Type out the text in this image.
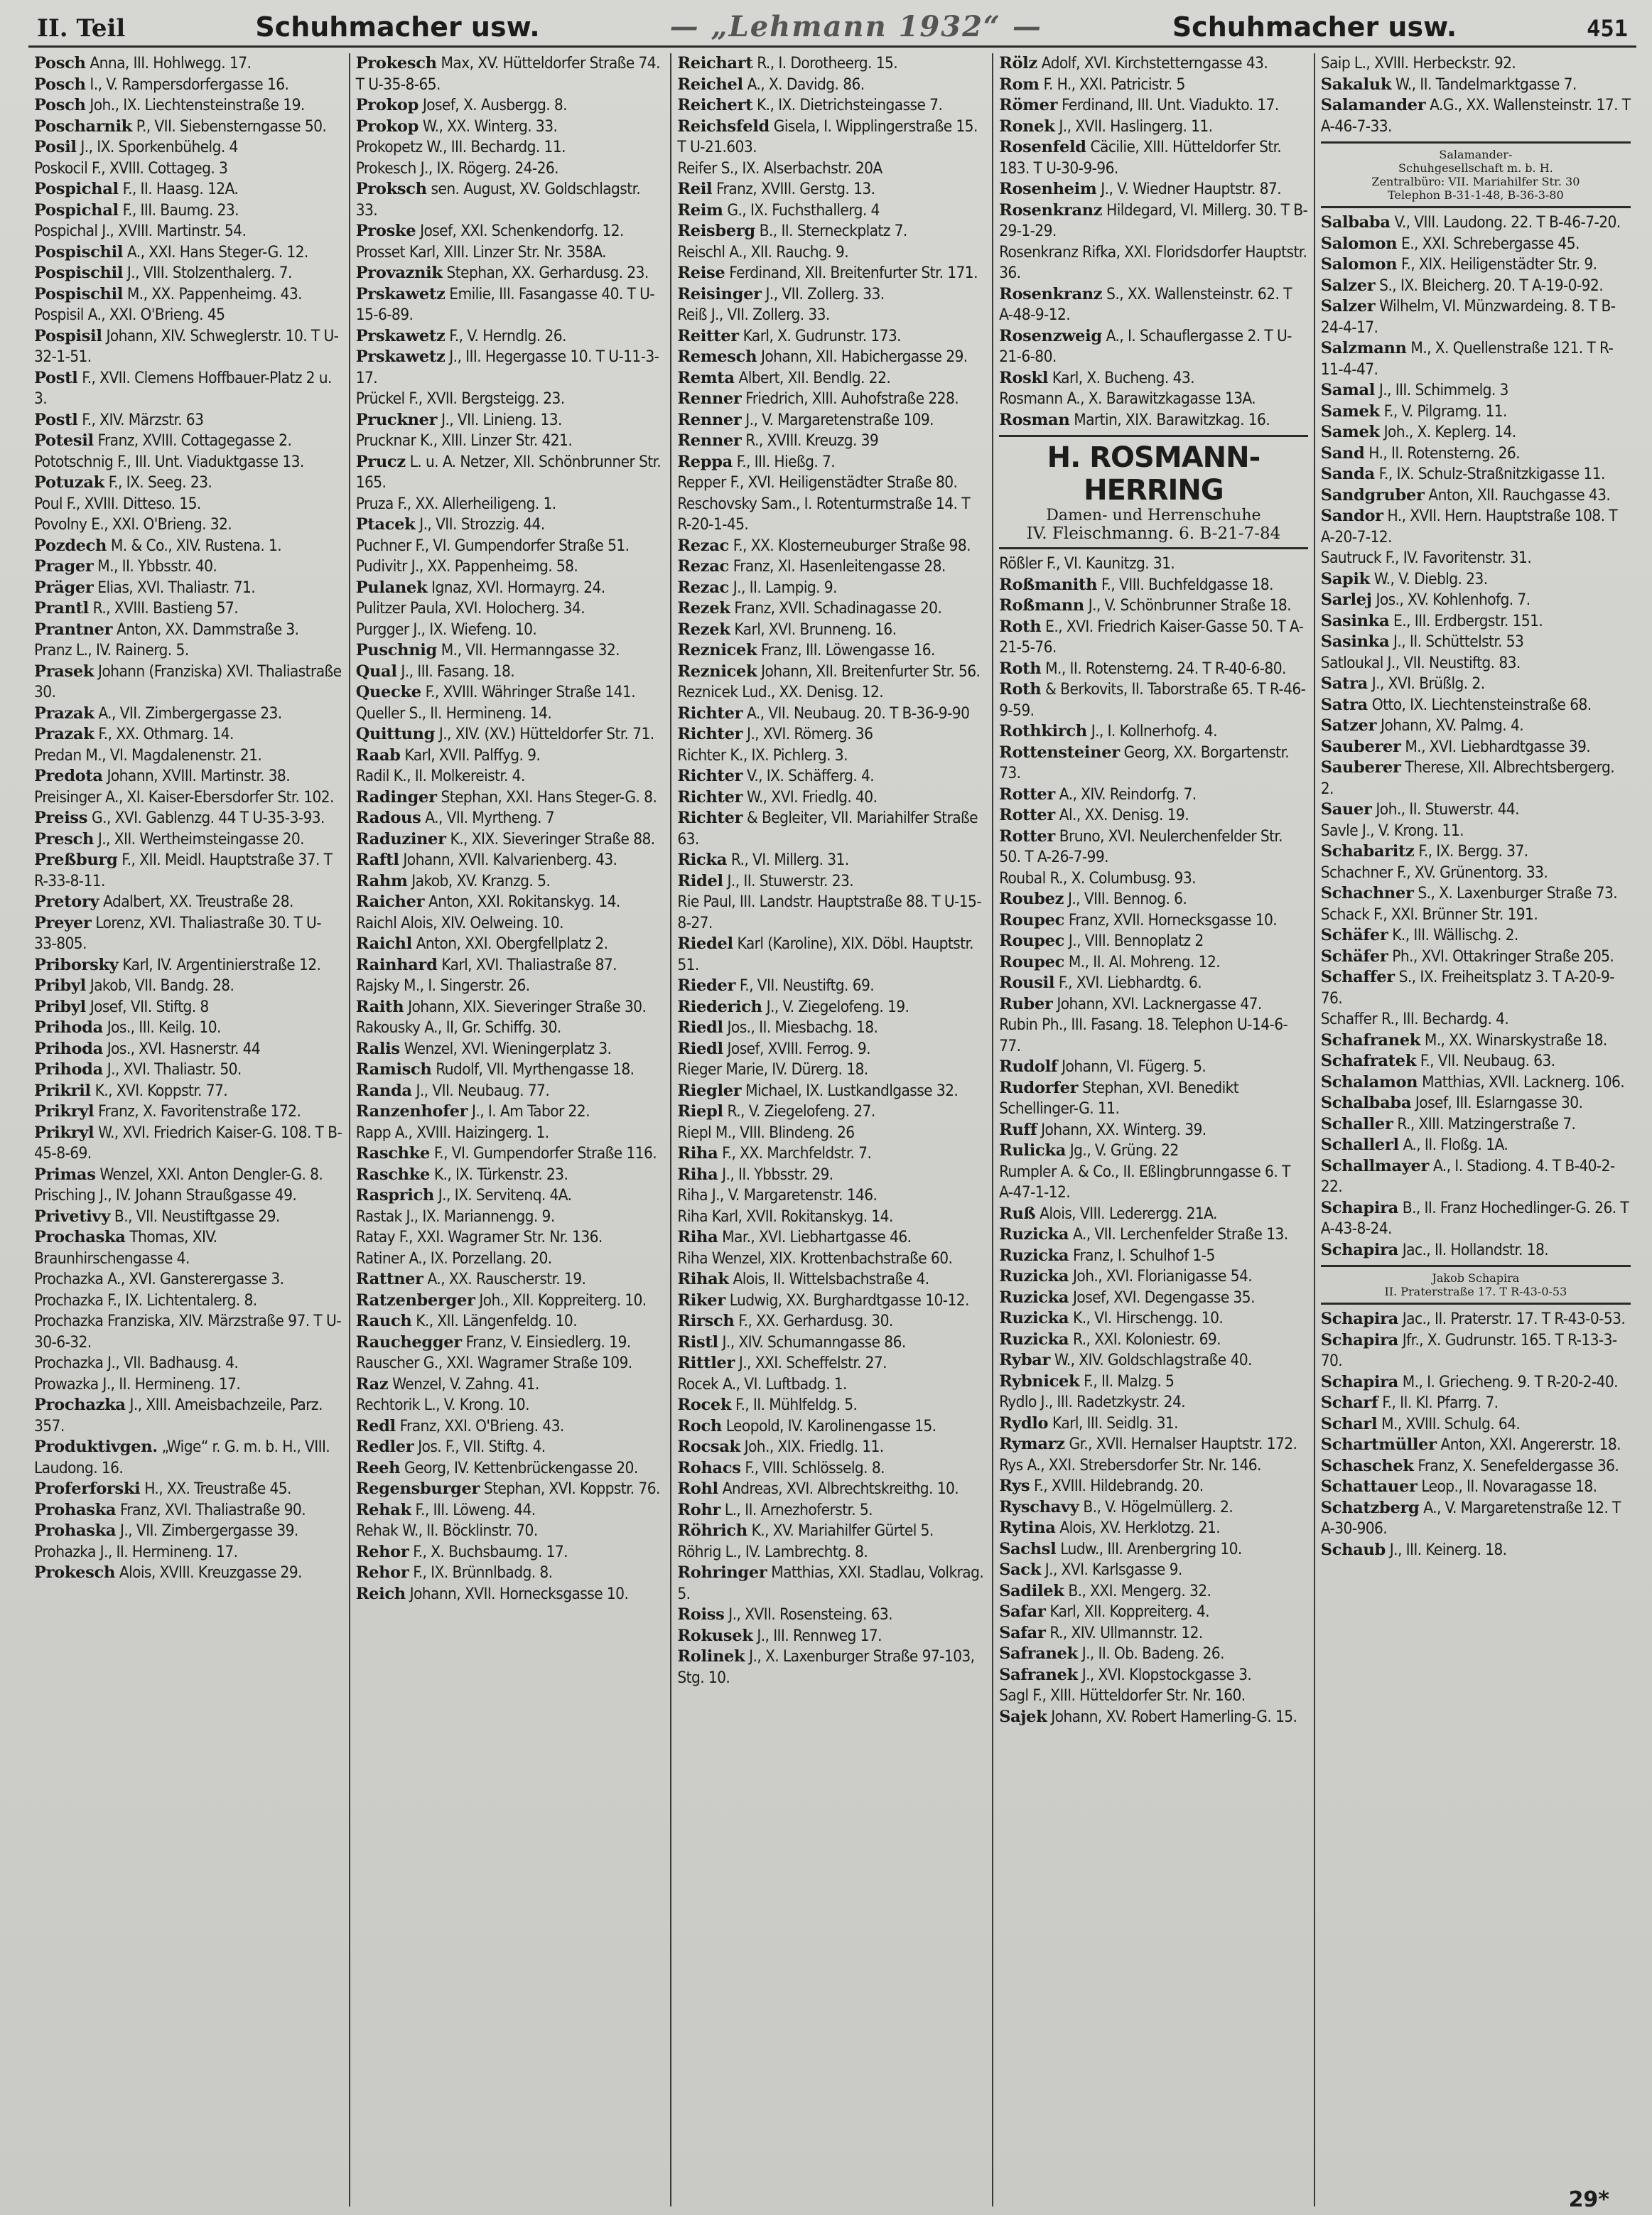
II. Teil	Schuhmacher usw.	— „Lehmann 1932“ —	Schuhmacher usw.	451
Posch Anna, III. Hohlwegg. 17.
Posch I., V. Rampersdorfergasse 16.
Posch Joh., IX. Liechtensteinstraße 19.
Poscharnik P., VII. Siebensterngasse 50.
Posil J., IX. Sporkenbühelg. 4
Poskocil F., XVIII. Cottageg. 3
Pospichal F., II. Haasg. 12A.
Pospichal F., III. Baumg. 23.
Pospichal J., XVIII. Martinstr. 54.
Pospischil A., XXI. Hans Steger-G. 12.
Pospischil J., VIII. Stolzenthalerg. 7.
Pospischil M., XX. Pappenheimg. 43.
Pospisil A., XXI. O'Brieng. 45
Pospisil Johann, XIV. Schweglerstr. 10. T U-32-1-51.
Postl F., XVII. Clemens Hoffbauer-Platz 2 u. 3.
Postl F., XIV. Märzstr. 63
Potesil Franz, XVIII. Cottagegasse 2.
Pototschnig F., III. Unt. Viaduktgasse 13.
Potuzak F., IX. Seeg. 23.
Poul F., XVIII. Ditteso. 15.
Povolny E., XXI. O'Brieng. 32.
Pozdech M. & Co., XIV. Rustena. 1.
Prager M., II. Ybbsstr. 40.
Präger Elias, XVI. Thaliastr. 71.
Prantl R., XVIII. Bastieng 57.
Prantner Anton, XX. Dammstraße 3.
Pranz L., IV. Rainerg. 5.
Prasek Johann (Franziska) XVI. Thaliastraße 30.
Prazak A., VII. Zimbergergasse 23.
Prazak F., XX. Othmarg. 14.
Predan M., VI. Magdalenenstr. 21.
Predota Johann, XVIII. Martinstr. 38.
Preisinger A., XI. Kaiser-Ebersdorfer Str. 102.
Preiss G., XVI. Gablenzg. 44 T U-35-3-93.
Presch J., XII. Wertheimsteingasse 20.
Preßburg F., XII. Meidl. Hauptstraße 37. T R-33-8-11.
Pretory Adalbert, XX. Treustraße 28.
Preyer Lorenz, XVI. Thaliastraße 30. T U-33-805.
Priborsky Karl, IV. Argentinierstraße 12.
Pribyl Jakob, VII. Bandg. 28.
Pribyl Josef, VII. Stiftg. 8
Prihoda Jos., III. Keilg. 10.
Prihoda Jos., XVI. Hasnerstr. 44
Prihoda J., XVI. Thaliastr. 50.
Prikril K., XVI. Koppstr. 77.
Prikryl Franz, X. Favoritenstraße 172.
Prikryl W., XVI. Friedrich Kaiser-G. 108. T B-45-8-69.
Primas Wenzel, XXI. Anton Dengler-G. 8.
Prisching J., IV. Johann Straußgasse 49.
Privetivy B., VII. Neustiftgasse 29.
Prochaska Thomas, XIV. Braunhirschengasse 4.
Prochazka A., XVI. Gansterergasse 3.
Prochazka F., IX. Lichtentalerg. 8.
Prochazka Franziska, XIV. Märzstraße 97. T U-30-6-32.
Prochazka J., VII. Badhausg. 4.
Prowazka J., II. Hermineng. 17.
Prochazka J., XIII. Ameisbachzeile, Parz. 357.
Produktivgen. „Wige“ r. G. m. b. H., VIII. Laudong. 16.
Proferforski H., XX. Treustraße 45.
Prohaska Franz, XVI. Thaliastraße 90.
Prohaska J., VII. Zimbergergasse 39.
Prohazka J., II. Hermineng. 17.
Prokesch Alois, XVIII. Kreuzgasse 29.
Prokesch Max, XV. Hütteldorfer Straße 74. T U-35-8-65.
Prokop Josef, X. Ausbergg. 8.
Prokop W., XX. Winterg. 33.
Prokopetz W., III. Bechardg. 11.
Prokesch J., IX. Rögerg. 24-26.
Proksch sen. August, XV. Goldschlagstr. 33.
Proske Josef, XXI. Schenkendorfg. 12.
Prosset Karl, XIII. Linzer Str. Nr. 358A.
Provaznik Stephan, XX. Gerhardusg. 23.
Prskawetz Emilie, III. Fasangasse 40. T U-15-6-89.
Prskawetz F., V. Herndlg. 26.
Prskawetz J., III. Hegergasse 10. T U-11-3-17.
Prückel F., XVII. Bergsteigg. 23.
Pruckner J., VII. Linieng. 13.
Prucknar K., XIII. Linzer Str. 421.
Prucz L. u. A. Netzer, XII. Schönbrunner Str. 165.
Pruza F., XX. Allerheiligeng. 1.
Ptacek J., VII. Strozzig. 44.
Puchner F., VI. Gumpendorfer Straße 51.
Pudivitr J., XX. Pappenheimg. 58.
Pulanek Ignaz, XVI. Hormayrg. 24.
Pulitzer Paula, XVI. Holocherg. 34.
Purgger J., IX. Wiefeng. 10.
Puschnig M., VII. Hermanngasse 32.
Qual J., III. Fasang. 18.
Quecke F., XVIII. Währinger Straße 141.
Queller S., II. Hermineng. 14.
Quittung J., XIV. (XV.) Hütteldorfer Str. 71.
Raab Karl, XVII. Palffyg. 9.
Radil K., II. Molkereistr. 4.
Radinger Stephan, XXI. Hans Steger-G. 8.
Radous A., VII. Myrtheng. 7
Raduziner K., XIX. Sieveringer Straße 88.
Raftl Johann, XVII. Kalvarienberg. 43.
Rahm Jakob, XV. Kranzg. 5.
Raicher Anton, XXI. Rokitanskyg. 14.
Raichl Alois, XIV. Oelweing. 10.
Raichl Anton, XXI. Obergfellplatz 2.
Rainhard Karl, XVI. Thaliastraße 87.
Rajsky M., I. Singerstr. 26.
Raith Johann, XIX. Sieveringer Straße 30.
Rakousky A., II, Gr. Schiffg. 30.
Ralis Wenzel, XVI. Wieningerplatz 3.
Ramisch Rudolf, VII. Myrthengasse 18.
Randa J., VII. Neubaug. 77.
Ranzenhofer J., I. Am Tabor 22.
Rapp A., XVIII. Haizingerg. 1.
Raschke F., VI. Gumpendorfer Straße 116.
Raschke K., IX. Türkenstr. 23.
Rasprich J., IX. Servitenq. 4A.
Rastak J., IX. Mariannengg. 9.
Ratay F., XXI. Wagramer Str. Nr. 136.
Ratiner A., IX. Porzellang. 20.
Rattner A., XX. Rauscherstr. 19.
Ratzenberger Joh., XII. Koppreiterg. 10.
Rauch K., XII. Längenfeldg. 10.
Rauchegger Franz, V. Einsiedlerg. 19.
Rauscher G., XXI. Wagramer Straße 109.
Raz Wenzel, V. Zahng. 41.
Rechtorik L., V. Krong. 10.
Redl Franz, XXI. O'Brieng. 43.
Redler Jos. F., VII. Stiftg. 4.
Reeh Georg, IV. Kettenbrückengasse 20.
Regensburger Stephan, XVI. Koppstr. 76.
Rehak F., III. Löweng. 44.
Rehak W., II. Böcklinstr. 70.
Rehor F., X. Buchsbaumg. 17.
Rehor F., IX. Brünnlbadg. 8.
Reich Johann, XVII. Hornecksgasse 10.
Reichart R., I. Dorotheerg. 15.
Reichel A., X. Davidg. 86.
Reichert K., IX. Dietrichsteingasse 7.
Reichsfeld Gisela, I. Wipplingerstraße 15. T U-21.603.
Reifer S., IX. Alserbachstr. 20A
Reil Franz, XVIII. Gerstg. 13.
Reim G., IX. Fuchsthallerg. 4
Reisberg B., II. Sterneckplatz 7.
Reischl A., XII. Rauchg. 9.
Reise Ferdinand, XII. Breitenfurter Str. 171.
Reisinger J., VII. Zollerg. 33.
Reiß J., VII. Zollerg. 33.
Reitter Karl, X. Gudrunstr. 173.
Remesch Johann, XII. Habichergasse 29.
Remta Albert, XII. Bendlg. 22.
Renner Friedrich, XIII. Auhofstraße 228.
Renner J., V. Margaretenstraße 109.
Renner R., XVIII. Kreuzg. 39
Reppa F., III. Hießg. 7.
Repper F., XVI. Heiligenstädter Straße 80.
Reschovsky Sam., I. Rotenturmstraße 14. T R-20-1-45.
Rezac F., XX. Klosterneuburger Straße 98.
Rezac Franz, XI. Hasenleitengasse 28.
Rezac J., II. Lampig. 9.
Rezek Franz, XVII. Schadinagasse 20.
Rezek Karl, XVI. Brunneng. 16.
Reznicek Franz, III. Löwengasse 16.
Reznicek Johann, XII. Breitenfurter Str. 56.
Reznicek Lud., XX. Denisg. 12.
Richter A., VII. Neubaug. 20. T B-36-9-90
Richter J., XVI. Römerg. 36
Richter K., IX. Pichlerg. 3.
Richter V., IX. Schäfferg. 4.
Richter W., XVI. Friedlg. 40.
Richter & Begleiter, VII. Mariahilfer Straße 63.
Ricka R., VI. Millerg. 31.
Ridel J., II. Stuwerstr. 23.
Rie Paul, III. Landstr. Hauptstraße 88. T U-15-8-27.
Riedel Karl (Karoline), XIX. Döbl. Hauptstr. 51.
Rieder F., VII. Neustiftg. 69.
Riederich J., V. Ziegelofeng. 19.
Riedl Jos., II. Miesbachg. 18.
Riedl Josef, XVIII. Ferrog. 9.
Rieger Marie, IV. Dürerg. 18.
Riegler Michael, IX. Lustkandlgasse 32.
Riepl R., V. Ziegelofeng. 27.
Riepl M., VIII. Blindeng. 26
Riha F., XX. Marchfeldstr. 7.
Riha J., II. Ybbsstr. 29.
Riha J., V. Margaretenstr. 146.
Riha Karl, XVII. Rokitanskyg. 14.
Riha Mar., XVI. Liebhartgasse 46.
Riha Wenzel, XIX. Krottenbachstraße 60.
Rihak Alois, II. Wittelsbachstraße 4.
Riker Ludwig, XX. Burghardtgasse 10-12.
Rirsch F., XX. Gerhardusg. 30.
Ristl J., XIV. Schumanngasse 86.
Rittler J., XXI. Scheffelstr. 27.
Rocek A., VI. Luftbadg. 1.
Rocek F., II. Mühlfeldg. 5.
Roch Leopold, IV. Karolinengasse 15.
Rocsak Joh., XIX. Friedlg. 11.
Rohacs F., VIII. Schlösselg. 8.
Rohl Andreas, XVI. Albrechtskreithg. 10.
Rohr L., II. Arnezhoferstr. 5.
Röhrich K., XV. Mariahilfer Gürtel 5.
Röhrig L., IV. Lambrechtg. 8.
Rohringer Matthias, XXI. Stadlau, Volkrag. 5.
Roiss J., XVII. Rosensteing. 63.
Rokusek J., III. Rennweg 17.
Rolinek J., X. Laxenburger Straße 97-103, Stg. 10.
Rölz Adolf, XVI. Kirchstetterngasse 43.
Rom F. H., XXI. Patricistr. 5
Römer Ferdinand, III. Unt. Viadukto. 17.
Ronek J., XVII. Haslingerg. 11.
Rosenfeld Cäcilie, XIII. Hütteldorfer Str. 183. T U-30-9-96.
Rosenheim J., V. Wiedner Hauptstr. 87.
Rosenkranz Hildegard, VI. Millerg. 30. T B-29-1-29.
Rosenkranz Rifka, XXI. Floridsdorfer Hauptstr. 36.
Rosenkranz S., XX. Wallensteinstr. 62. T A-48-9-12.
Rosenzweig A., I. Schauflergasse 2. T U-21-6-80.
Roskl Karl, X. Bucheng. 43.
Rosmann A., X. Barawitzkagasse 13A.
Rosman Martin, XIX. Barawitzkag. 16.
H. ROSMANN-HERRING
Damen- und Herrenschuhe
IV. Fleischmanng. 6. B-21-7-84
Rößler F., VI. Kaunitzg. 31.
Roßmanith F., VIII. Buchfeldgasse 18.
Roßmann J., V. Schönbrunner Straße 18.
Roth E., XVI. Friedrich Kaiser-Gasse 50. T A-21-5-76.
Roth M., II. Rotensterng. 24. T R-40-6-80.
Roth & Berkovits, II. Taborstraße 65. T R-46-9-59.
Rothkirch J., I. Kollnerhofg. 4.
Rottensteiner Georg, XX. Borgartenstr. 73.
Rotter A., XIV. Reindorfg. 7.
Rotter Al., XX. Denisg. 19.
Rotter Bruno, XVI. Neulerchenfelder Str. 50. T A-26-7-99.
Roubal R., X. Columbusg. 93.
Roubez J., VIII. Bennog. 6.
Roupec Franz, XVII. Hornecksgasse 10.
Roupec J., VIII. Bennoplatz 2
Roupec M., II. Al. Mohreng. 12.
Rousil F., XVI. Liebhardtg. 6.
Ruber Johann, XVI. Lacknergasse 47.
Rubin Ph., III. Fasang. 18. Telephon U-14-6-77.
Rudolf Johann, VI. Fügerg. 5.
Rudorfer Stephan, XVI. Benedikt Schellinger-G. 11.
Ruff Johann, XX. Winterg. 39.
Ruliсka Jg., V. Grüng. 22
Rumpler A. & Co., II. Eßlingbrunngasse 6. T A-47-1-12.
Ruß Alois, VIII. Lederergg. 21A.
Ruzicka A., VII. Lerchenfelder Straße 13.
Ruzicka Franz, I. Schulhof 1-5
Ruzicka Joh., XVI. Florianigasse 54.
Ruzicka Josef, XVI. Degengasse 35.
Ruzicka K., VI. Hirschengg. 10.
Ruzicka R., XXI. Koloniestr. 69.
Rybar W., XIV. Goldschlagstraße 40.
Rybnicek F., II. Malzg. 5
Rydlo J., III. Radetzkystr. 24.
Rydlo Karl, III. Seidlg. 31.
Rymarz Gr., XVII. Hernalser Hauptstr. 172.
Rys A., XXI. Strebersdorfer Str. Nr. 146.
Rys F., XVIII. Hildebrandg. 20.
Ryschavy B., V. Högelmüllerg. 2.
Rytina Alois, XV. Herklotzg. 21.
Sachsl Ludw., III. Arenbergring 10.
Sack J., XVI. Karlsgasse 9.
Sadilek B., XXI. Mengerg. 32.
Safar Karl, XII. Koppreiterg. 4.
Safar R., XIV. Ullmannstr. 12.
Safranek J., II. Ob. Badeng. 26.
Safranek J., XVI. Klopstockgasse 3.
Sagl F., XIII. Hütteldorfer Str. Nr. 160.
Sajek Johann, XV. Robert Hamerling-G. 15.
Saip L., XVIII. Herbeckstr. 92.
Sakaluk W., II. Tandelmarktgasse 7.
Salamander A.G., XX. Wallensteinstr. 17. T A-46-7-33.
Salamander-
Schuhgesellschaft m. b. H.
Zentralbüro: VII. Mariahilfer Str. 30
Telephon B-31-1-48, B-36-3-80
Salbaba V., VIII. Laudong. 22. T B-46-7-20.
Salomon E., XXI. Schrebergasse 45.
Salomon F., XIX. Heiligenstädter Str. 9.
Salzer S., IX. Bleicherg. 20. T A-19-0-92.
Salzer Wilhelm, VI. Münzwardeing. 8. T B-24-4-17.
Salzmann M., X. Quellenstraße 121. T R-11-4-47.
Samal J., III. Schimmelg. 3
Samek F., V. Pilgramg. 11.
Samek Joh., X. Keplerg. 14.
Sand H., II. Rotensterng. 26.
Sanda F., IX. Schulz-Straßnitzkigasse 11.
Sandgruber Anton, XII. Rauchgasse 43.
Sandor H., XVII. Hern. Hauptstraße 108. T A-20-7-12.
Sautruck F., IV. Favoritenstr. 31.
Sapik W., V. Dieblg. 23.
Sarlej Jos., XV. Kohlenhofg. 7.
Sasinka E., III. Erdbergstr. 151.
Sasinka J., II. Schüttelstr. 53
Satloukal J., VII. Neustiftg. 83.
Satra J., XVI. Brüßlg. 2.
Satra Otto, IX. Liechtensteinstraße 68.
Satzer Johann, XV. Palmg. 4.
Sauberer M., XVI. Liebhardtgasse 39.
Sauberer Therese, XII. Albrechtsbergerg. 2.
Sauer Joh., II. Stuwerstr. 44.
Savle J., V. Krong. 11.
Schabaritz F., IX. Bergg. 37.
Schachner F., XV. Grünentorg. 33.
Schachner S., X. Laxenburger Straße 73.
Schack F., XXI. Brünner Str. 191.
Schäfer K., III. Wällischg. 2.
Schäfer Ph., XVI. Ottakringer Straße 205.
Schaffer S., IX. Freiheitsplatz 3. T A-20-9-76.
Schaffer R., III. Bechardg. 4.
Schafranek M., XX. Winarskystraße 18.
Schafratek F., VII. Neubaug. 63.
Schalamon Matthias, XVII. Lacknerg. 106.
Schalbaba Josef, III. Eslarngasse 30.
Schaller R., XIII. Matzingerstraße 7.
Schallerl A., II. Floßg. 1A.
Schallmayer A., I. Stadiong. 4. T B-40-2-22.
Schapira B., II. Franz Hochedlinger-G. 26. T A-43-8-24.
Schapira Jac., II. Hollandstr. 18.
Jakob Schapira
II. Praterstraße 17. T R-43-0-53
Schapira Jac., II. Praterstr. 17. T R-43-0-53.
Schapira Jfr., X. Gudrunstr. 165. T R-13-3-70.
Schapira M., I. Griecheng. 9. T R-20-2-40.
Scharf F., II. Kl. Pfarrg. 7.
Scharl M., XVIII. Schulg. 64.
Schartmüller Anton, XXI. Angererstr. 18.
Schaschek Franz, X. Senefeldergasse 36.
Schattauer Leop., II. Novaragasse 18.
Schatzberg A., V. Margaretenstraße 12. T A-30-906.
Schaub J., III. Keinerg. 18.
29*
